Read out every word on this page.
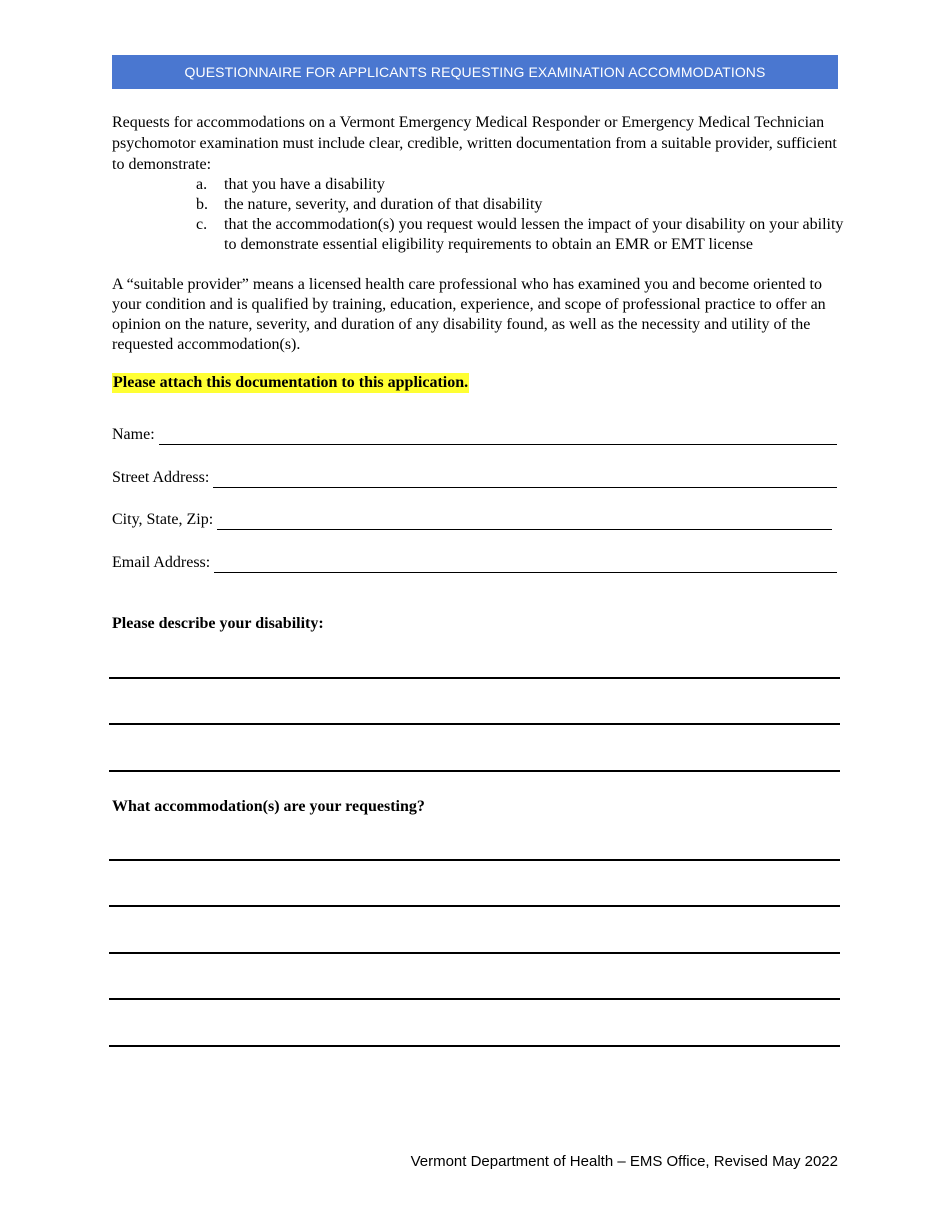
QUESTIONNAIRE FOR APPLICANTS REQUESTING EXAMINATION ACCOMMODATIONS

Requests for accommodations on a Vermont Emergency Medical Responder or Emergency Medical Technician psychomotor examination must include clear, credible, written documentation from a suitable provider, sufficient to demonstrate:

a. that you have a disability
b. the nature, severity, and duration of that disability
c. that the accommodation(s) you request would lessen the impact of your disability on your ability to demonstrate essential eligibility requirements to obtain an EMR or EMT license

A “suitable provider” means a licensed health care professional who has examined you and become oriented to your condition and is qualified by training, education, experience, and scope of professional practice to offer an opinion on the nature, severity, and duration of any disability found, as well as the necessity and utility of the requested accommodation(s).

Please attach this documentation to this application.
Name:
Street Address:
City, State, Zip:
Email Address:
Please describe your disability:
What accommodation(s) are your requesting?
Vermont Department of Health – EMS Office, Revised May 2022
